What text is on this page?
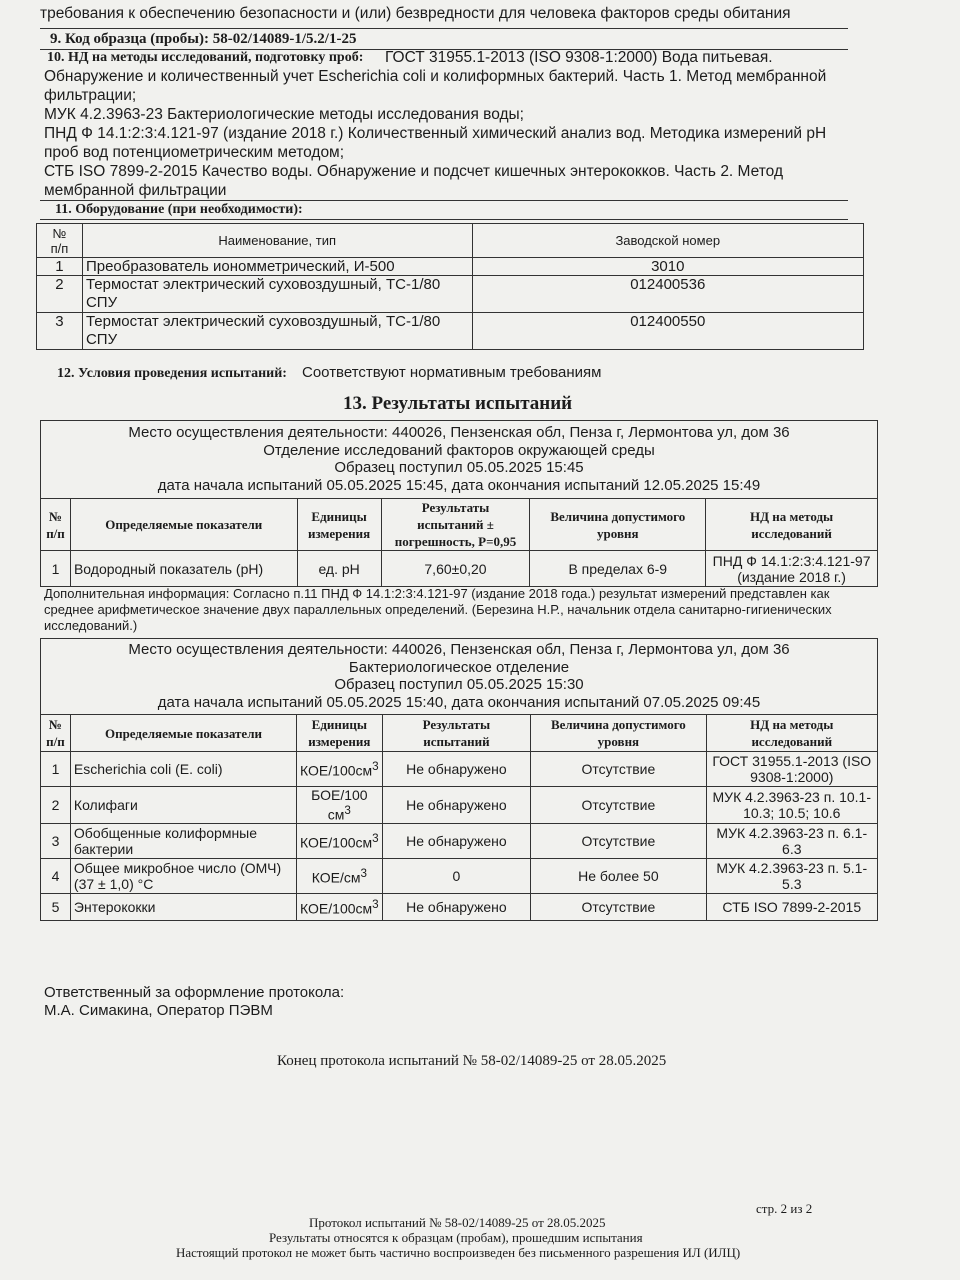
требования к обеспечению безопасности и (или) безвредности для человека факторов среды обитания
9. Код образца (пробы): 58-02/14089-1/5.2/1-25
10. НД на методы исследований, подготовку проб: ГОСТ 31955.1-2013 (ISO 9308-1:2000) Вода питьевая.
Обнаружение и количественный учет Escherichia coli и колиформных бактерий. Часть 1. Метод мембранной
фильтрации;
МУК 4.2.3963-23 Бактериологические методы исследования воды;
ПНД Ф 14.1:2:3:4.121-97 (издание 2018 г.) Количественный химический анализ вод. Методика измерений pH
проб вод потенциометрическим методом;
СТБ ISO 7899-2-2015 Качество воды. Обнаружение и подсчет кишечных энтерококков. Часть 2. Метод
мембранной фильтрации
11. Оборудование (при необходимости):
№
п/п	Наименование, тип	Заводской номер
1	Преобразователь иономметрический, И-500	3010
2	Термостат электрический суховоздушный, ТС-1/80
СПУ	012400536
3	Термостат электрический суховоздушный, ТС-1/80
СПУ	012400550
12. Условия проведения испытаний: Соответствуют нормативным требованиям
13. Результаты испытаний
Место осуществления деятельности: 440026, Пензенская обл, Пенза г, Лермонтова ул, дом 36
Отделение исследований факторов окружающей среды
Образец поступил 05.05.2025 15:45
дата начала испытаний 05.05.2025 15:45, дата окончания испытаний 12.05.2025 15:49
№
п/п	Определяемые показатели	Единицы
измерения	Результаты
испытаний ±
погрешность, P=0,95	Величина допустимого
уровня	НД на методы
исследований
1	Водородный показатель (pH)	ед. pH	7,60±0,20	В пределах 6-9	ПНД Ф 14.1:2:3:4.121-97
(издание 2018 г.)
Дополнительная информация: Согласно п.11 ПНД Ф 14.1:2:3:4.121-97 (издание 2018 года.) результат измерений представлен как
среднее арифметическое значение двух параллельных определений. (Березина Н.Р., начальник отдела санитарно-гигиенических
исследований.)
Место осуществления деятельности: 440026, Пензенская обл, Пенза г, Лермонтова ул, дом 36
Бактериологическое отделение
Образец поступил 05.05.2025 15:30
дата начала испытаний 05.05.2025 15:40, дата окончания испытаний 07.05.2025 09:45
№
п/п	Определяемые показатели	Единицы
измерения	Результаты
испытаний	Величина допустимого
уровня	НД на методы
исследований
1	Escherichia coli (E. coli)	КОЕ/$100см^3$	Не обнаружено	Отсутствие	ГОСТ 31955.1-2013 (ISO
9308-1:2000)
2	Колифаги	БОЕ/100 $см^3$	Не обнаружено	Отсутствие	МУК 4.2.3963-23 п. 10.1-
10.3; 10.5; 10.6
3	Обобщенные колиформные
бактерии	КОЕ/$100см^3$	Не обнаружено	Отсутствие	МУК 4.2.3963-23 п. 6.1-
6.3
4	Общее микробное число (ОМЧ)
(37 ± 1,0) °С	КОЕ/$см^3$	0	Не более 50	МУК 4.2.3963-23 п. 5.1-
5.3
5	Энтерококки	КОЕ/$100см^3$	Не обнаружено	Отсутствие	СТБ ISO 7899-2-2015
Ответственный за оформление протокола:
М.А. Симакина, Оператор ПЭВМ
Конец протокола испытаний № 58-02/14089-25 от 28.05.2025
стр. 2 из 2
Протокол испытаний № 58-02/14089-25 от 28.05.2025
Результаты относятся к образцам (пробам), прошедшим испытания
Настоящий протокол не может быть частично воспроизведен без письменного разрешения ИЛ (ИЛЦ)
